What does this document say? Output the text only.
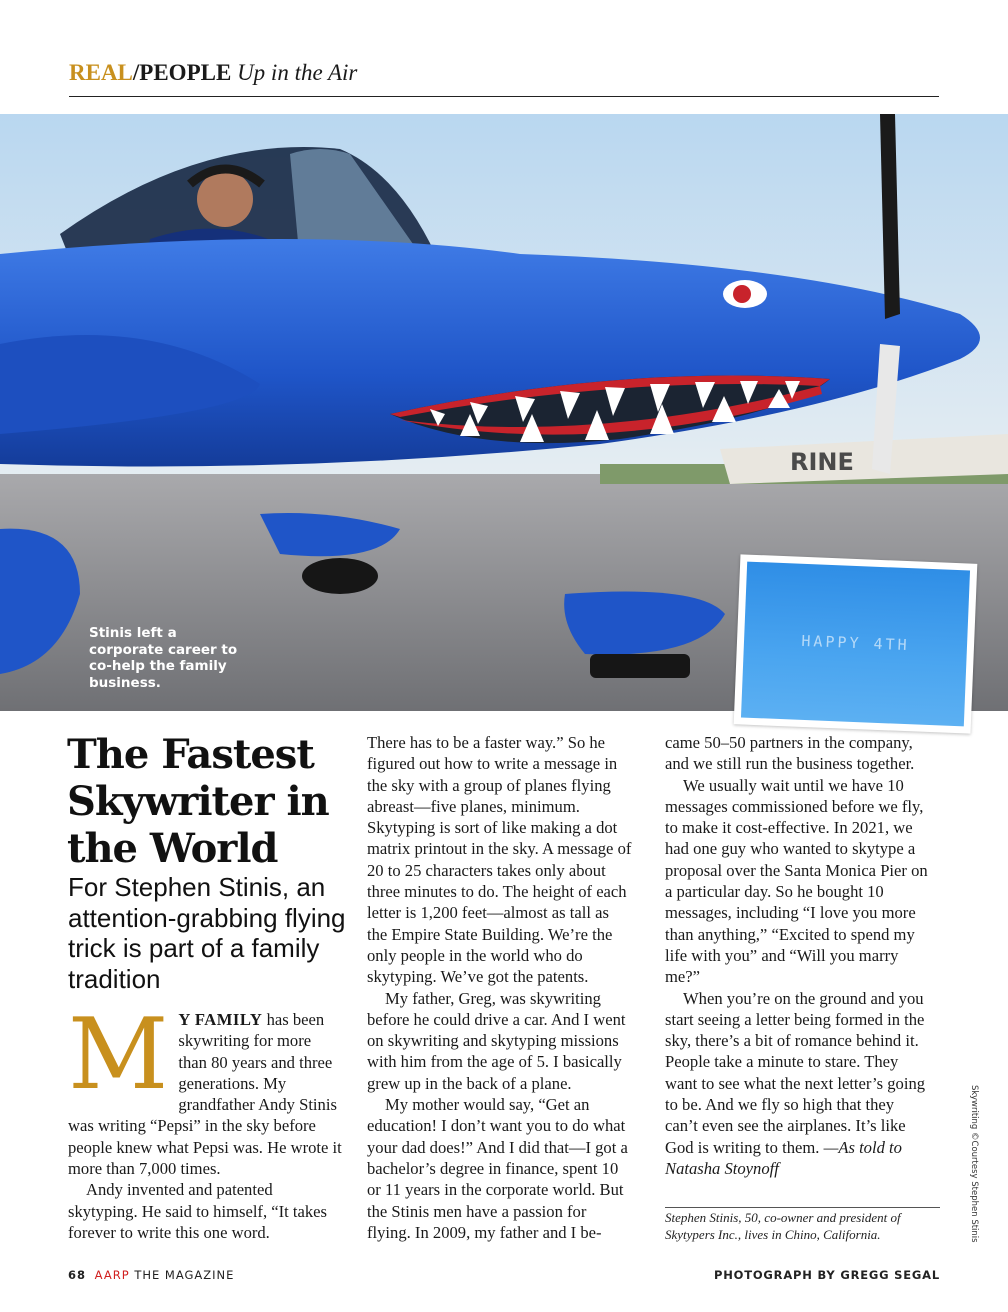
REAL/PEOPLE Up in the Air
RINE
Stinis left a corporate career to co-help the family business.
HAPPY 4TH
The Fastest Skywriter in the World
For Stephen Stinis, an attention-grabbing flying trick is part of a family tradition

M Y FAMILY has been skywriting for more than 80 years and three generations. My grandfather Andy Stinis was writing “Pepsi” in the sky before people knew what Pepsi was. He wrote it more than 7,000 times.

Andy invented and patented skytyping. He said to himself, “It takes forever to write this one word.

There has to be a faster way.” So he figured out how to write a message in the sky with a group of planes flying abreast—five planes, minimum. Skytyping is sort of like making a dot matrix printout in the sky. A message of 20 to 25 characters takes only about three minutes to do. The height of each letter is 1,200 feet—almost as tall as the Empire State Building. We’re the only people in the world who do skytyping. We’ve got the patents.

My father, Greg, was skywriting before he could drive a car. And I went on skywriting and skytyping missions with him from the age of 5. I basically grew up in the back of a plane.

My mother would say, “Get an education! I don’t want you to do what your dad does!” And I did that—I got a bachelor’s degree in finance, spent 10 or 11 years in the corporate world. But the Stinis men have a passion for flying. In 2009, my father and I be-

came 50–50 partners in the company, and we still run the business together.

We usually wait until we have 10 messages commissioned before we fly, to make it cost-effective. In 2021, we had one guy who wanted to skytype a proposal over the Santa Monica Pier on a particular day. So he bought 10 messages, including “I love you more than anything,” “Excited to spend my life with you” and “Will you marry me?”

When you’re on the ground and you start seeing a letter being formed in the sky, there’s a bit of romance behind it. People take a minute to stare. They want to see what the next letter’s going to be. And we fly so high that they can’t even see the airplanes. It’s like God is writing to them. —As told to Natasha Stoynoff

Stephen Stinis, 50, co-owner and president of Skytypers Inc., lives in Chino, California.	Skywriting ©Courtesy Stephen Stinis
68 AARP THE MAGAZINE	PHOTOGRAPH BY GREGG SEGAL
